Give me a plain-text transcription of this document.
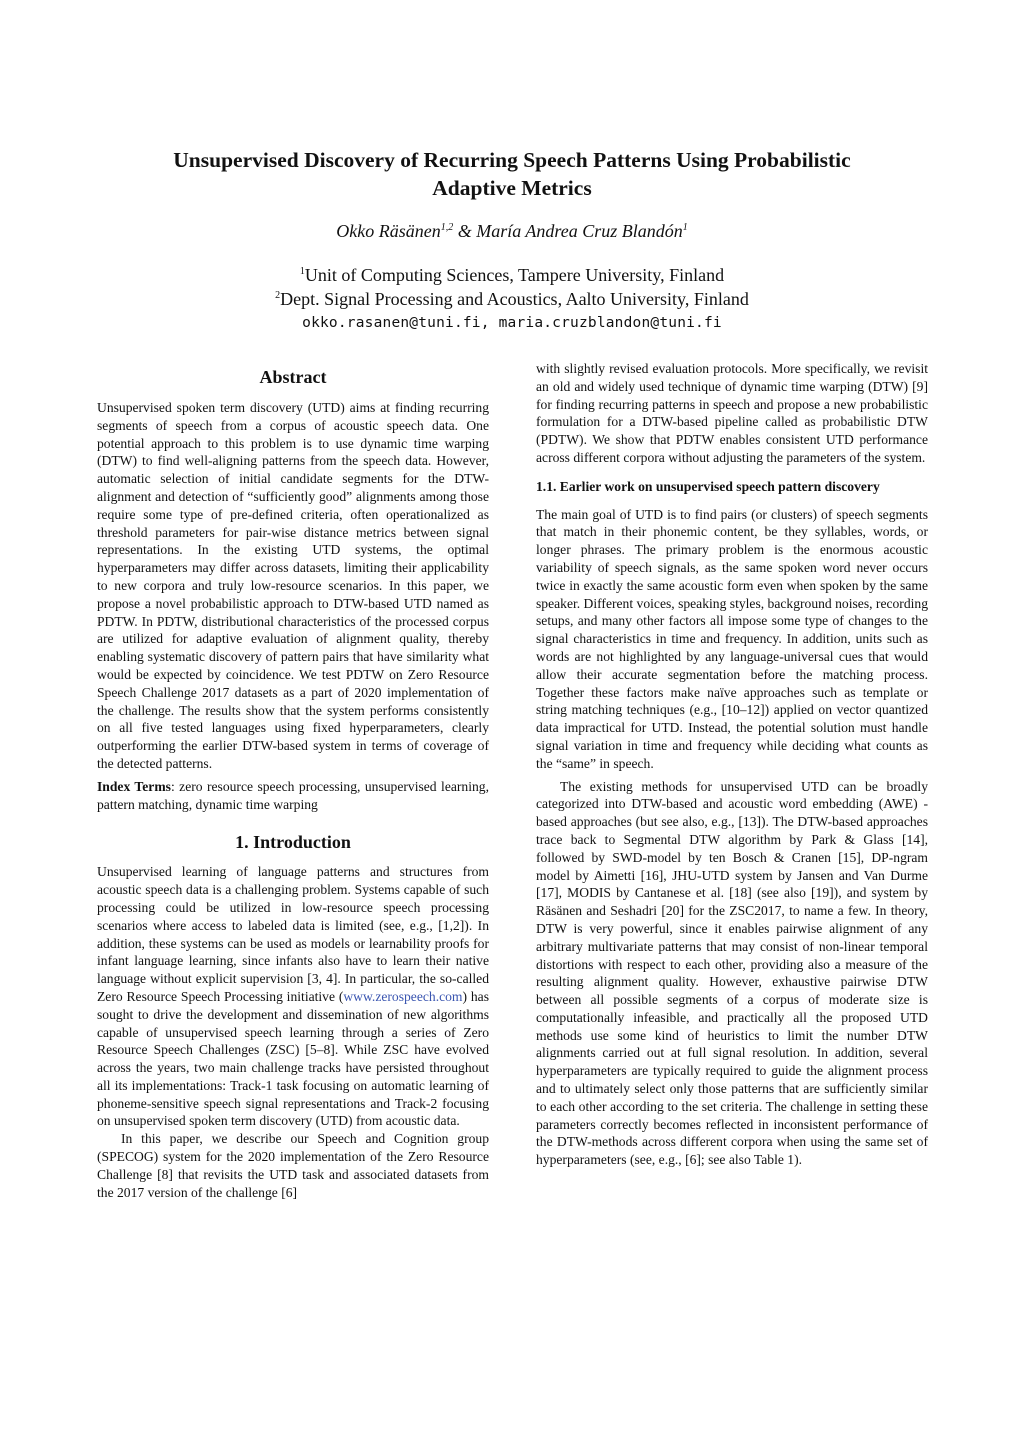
Unsupervised Discovery of Recurring Speech Patterns Using Probabilistic
Adaptive Metrics
Okko Räsänen$^{1,2}$ & María Andrea Cruz Blandón$^1$
$^1$Unit of Computing Sciences, Tampere University, Finland
$^2$Dept. Signal Processing and Acoustics, Aalto University, Finland
okko.rasanen@tuni.fi, maria.cruzblandon@tuni.fi
Abstract

Unsupervised spoken term discovery (UTD) aims at finding recurring segments of speech from a corpus of acoustic speech data. One potential approach to this problem is to use dynamic time warping (DTW) to find well-aligning patterns from the speech data. However, automatic selection of initial candidate segments for the DTW-alignment and detection of “sufficiently good” alignments among those require some type of pre-defined criteria, often operationalized as threshold parameters for pair-wise distance metrics between signal representations. In the existing UTD systems, the optimal hyperparameters may differ across datasets, limiting their applicability to new corpora and truly low-resource scenarios. In this paper, we propose a novel probabilistic approach to DTW-based UTD named as PDTW. In PDTW, distributional characteristics of the processed corpus are utilized for adaptive evaluation of alignment quality, thereby enabling systematic discovery of pattern pairs that have similarity what would be expected by coincidence. We test PDTW on Zero Resource Speech Challenge 2017 datasets as a part of 2020 implementation of the challenge. The results show that the system performs consistently on all five tested languages using fixed hyperparameters, clearly outperforming the earlier DTW-based system in terms of coverage of the detected patterns.

Index Terms: zero resource speech processing, unsupervised learning, pattern matching, dynamic time warping

1. Introduction

Unsupervised learning of language patterns and structures from acoustic speech data is a challenging problem. Systems capable of such processing could be utilized in low-resource speech processing scenarios where access to labeled data is limited (see, e.g., [1,2]). In addition, these systems can be used as models or learnability proofs for infant language learning, since infants also have to learn their native language without explicit supervision [3, 4]. In particular, the so-called Zero Resource Speech Processing initiative (www.zerospeech.com) has sought to drive the development and dissemination of new algorithms capable of unsupervised speech learning through a series of Zero Resource Speech Challenges (ZSC) [5–8]. While ZSC have evolved across the years, two main challenge tracks have persisted throughout all its implementations: Track-1 task focusing on automatic learning of phoneme-sensitive speech signal representations and Track-2 focusing on unsupervised spoken term discovery (UTD) from acoustic data.

In this paper, we describe our Speech and Cognition group (SPECOG) system for the 2020 implementation of the Zero Resource Challenge [8] that revisits the UTD task and associated datasets from the 2017 version of the challenge [6]

with slightly revised evaluation protocols. More specifically, we revisit an old and widely used technique of dynamic time warping (DTW) [9] for finding recurring patterns in speech and propose a new probabilistic formulation for a DTW-based pipeline called as probabilistic DTW (PDTW). We show that PDTW enables consistent UTD performance across different corpora without adjusting the parameters of the system.

1.1. Earlier work on unsupervised speech pattern discovery

The main goal of UTD is to find pairs (or clusters) of speech segments that match in their phonemic content, be they syllables, words, or longer phrases. The primary problem is the enormous acoustic variability of speech signals, as the same spoken word never occurs twice in exactly the same acoustic form even when spoken by the same speaker. Different voices, speaking styles, background noises, recording setups, and many other factors all impose some type of changes to the signal characteristics in time and frequency. In addition, units such as words are not highlighted by any language-universal cues that would allow their accurate segmentation before the matching process. Together these factors make naïve approaches such as template or string matching techniques (e.g., [10–12]) applied on vector quantized data impractical for UTD. Instead, the potential solution must handle signal variation in time and frequency while deciding what counts as the “same” in speech.

The existing methods for unsupervised UTD can be broadly categorized into DTW-based and acoustic word embedding (AWE) -based approaches (but see also, e.g., [13]). The DTW-based approaches trace back to Segmental DTW algorithm by Park & Glass [14], followed by SWD-model by ten Bosch & Cranen [15], DP-ngram model by Aimetti [16], JHU-UTD system by Jansen and Van Durme [17], MODIS by Cantanese et al. [18] (see also [19]), and system by Räsänen and Seshadri [20] for the ZSC2017, to name a few. In theory, DTW is very powerful, since it enables pairwise alignment of any arbitrary multivariate patterns that may consist of non-linear temporal distortions with respect to each other, providing also a measure of the resulting alignment quality. However, exhaustive pairwise DTW between all possible segments of a corpus of moderate size is computationally infeasible, and practically all the proposed UTD methods use some kind of heuristics to limit the number DTW alignments carried out at full signal resolution. In addition, several hyperparameters are typically required to guide the alignment process and to ultimately select only those patterns that are sufficiently similar to each other according to the set criteria. The challenge in setting these parameters correctly becomes reflected in inconsistent performance of the DTW-methods across different corpora when using the same set of hyperparameters (see, e.g., [6]; see also Table 1).
